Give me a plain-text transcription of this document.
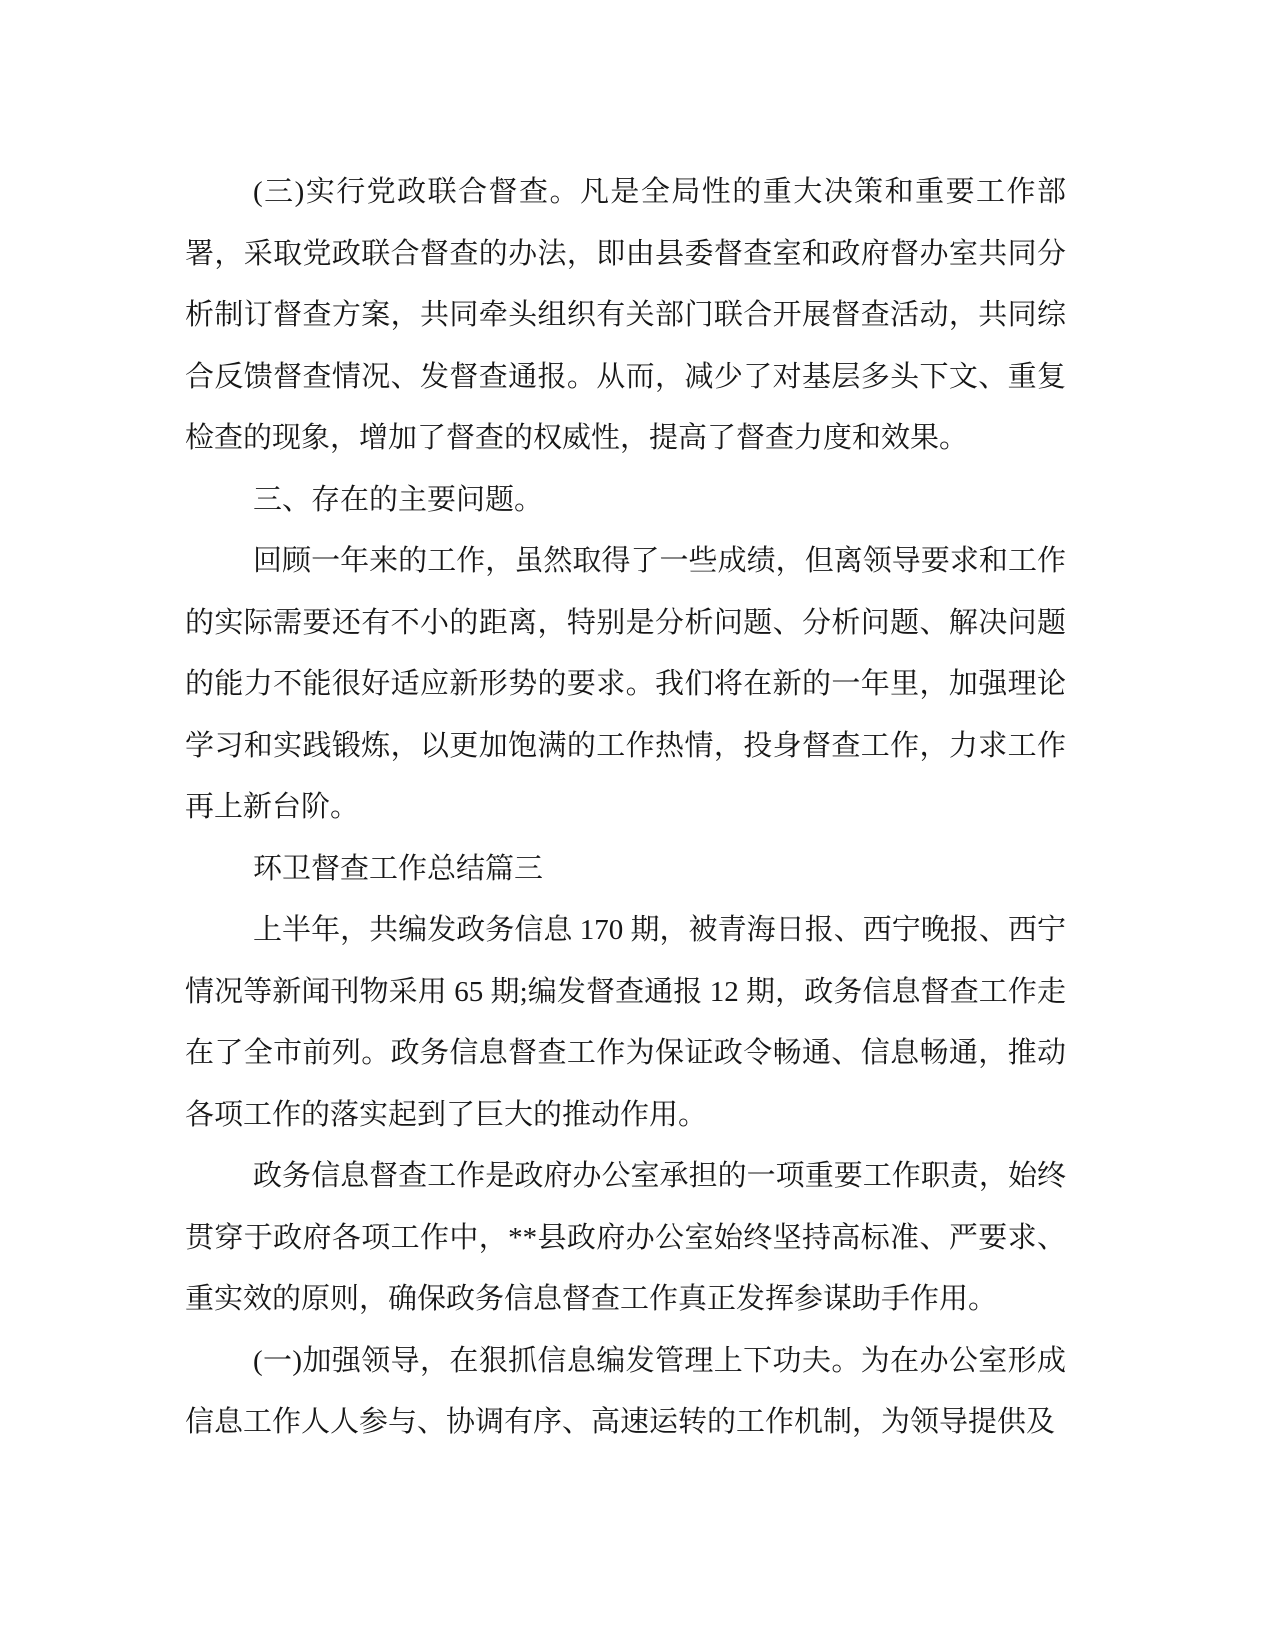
(三)实行党政联合督查。凡是全局性的重大决策和重要工作部署，采取党政联合督查的办法，即由县委督查室和政府督办室共同分析制订督查方案，共同牵头组织有关部门联合开展督查活动，共同综合反馈督查情况、发督查通报。从而，减少了对基层多头下文、重复检查的现象，增加了督查的权威性，提高了督查力度和效果。

三、存在的主要问题。

回顾一年来的工作，虽然取得了一些成绩，但离领导要求和工作的实际需要还有不小的距离，特别是分析问题、分析问题、解决问题的能力不能很好适应新形势的要求。我们将在新的一年里，加强理论学习和实践锻炼，以更加饱满的工作热情，投身督查工作，力求工作再上新台阶。

环卫督查工作总结篇三

上半年，共编发政务信息 170 期，被青海日报、西宁晚报、西宁情况等新闻刊物采用 65 期;编发督查通报 12 期，政务信息督查工作走在了全市前列。政务信息督查工作为保证政令畅通、信息畅通，推动各项工作的落实起到了巨大的推动作用。

政务信息督查工作是政府办公室承担的一项重要工作职责，始终贯穿于政府各项工作中，**县政府办公室始终坚持高标准、严要求、重实效的原则，确保政务信息督查工作真正发挥参谋助手作用。

(一)加强领导，在狠抓信息编发管理上下功夫。为在办公室形成信息工作人人参与、协调有序、高速运转的工作机制，为领导提供及
